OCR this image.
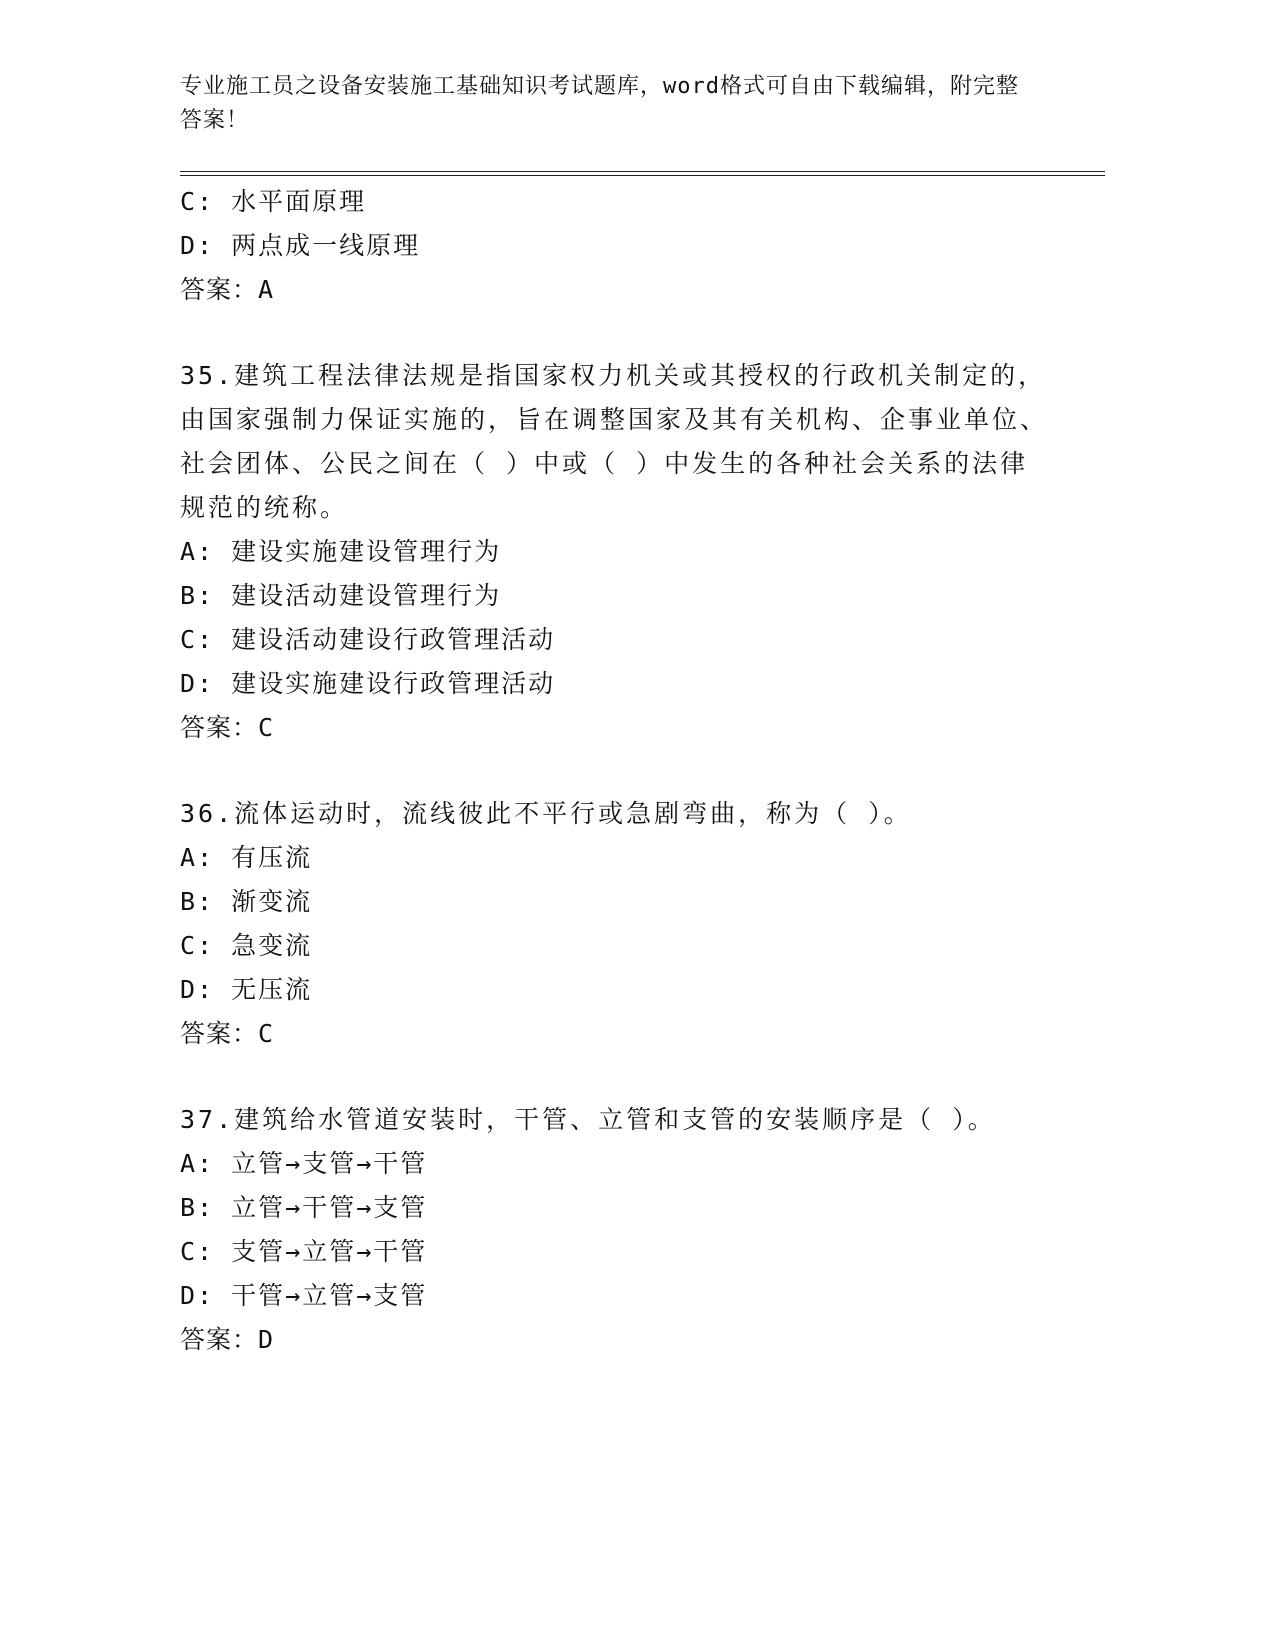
专业施工员之设备安装施工基础知识考试题库，word格式可自由下载编辑，附完整答案！
C: 水平面原理
D: 两点成一线原理
答案：A
35.建筑工程法律法规是指国家权力机关或其授权的行政机关制定的，由国家强制力保证实施的，旨在调整国家及其有关机构、企事业单位、社会团体、公民之间在（ ）中或（ ）中发生的各种社会关系的法律规范的统称。
A: 建设实施建设管理行为
B: 建设活动建设管理行为
C: 建设活动建设行政管理活动
D: 建设实施建设行政管理活动
答案：C
36.流体运动时，流线彼此不平行或急剧弯曲，称为（ ）。
A: 有压流
B: 渐变流
C: 急变流
D: 无压流
答案：C
37.建筑给水管道安装时，干管、立管和支管的安装顺序是（ ）。
A: 立管→支管→干管
B: 立管→干管→支管
C: 支管→立管→干管
D: 干管→立管→支管
答案：D
